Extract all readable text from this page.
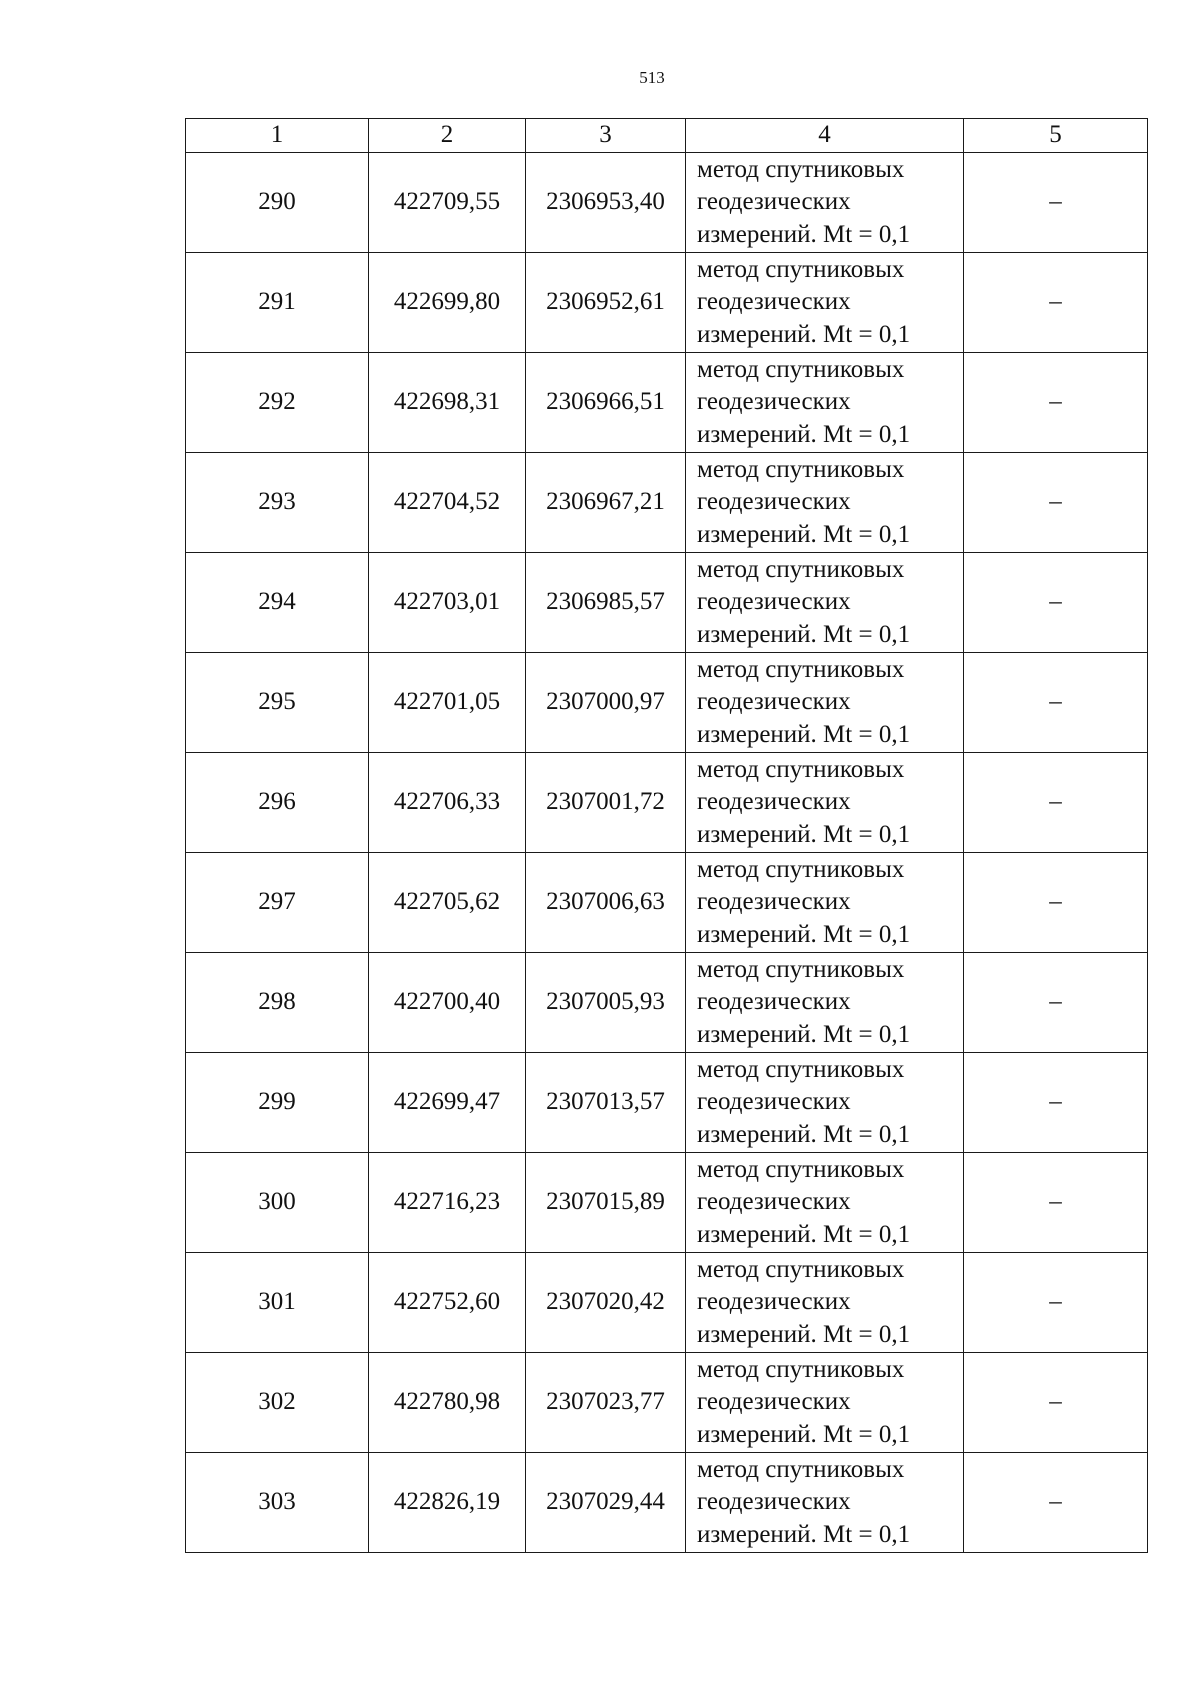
513
1	2	3	4	5
290	422709,55	2306953,40	метод спутниковых
геодезических
измерений. Mt = 0,1	–
291	422699,80	2306952,61	метод спутниковых
геодезических
измерений. Mt = 0,1	–
292	422698,31	2306966,51	метод спутниковых
геодезических
измерений. Mt = 0,1	–
293	422704,52	2306967,21	метод спутниковых
геодезических
измерений. Mt = 0,1	–
294	422703,01	2306985,57	метод спутниковых
геодезических
измерений. Mt = 0,1	–
295	422701,05	2307000,97	метод спутниковых
геодезических
измерений. Mt = 0,1	–
296	422706,33	2307001,72	метод спутниковых
геодезических
измерений. Mt = 0,1	–
297	422705,62	2307006,63	метод спутниковых
геодезических
измерений. Mt = 0,1	–
298	422700,40	2307005,93	метод спутниковых
геодезических
измерений. Mt = 0,1	–
299	422699,47	2307013,57	метод спутниковых
геодезических
измерений. Mt = 0,1	–
300	422716,23	2307015,89	метод спутниковых
геодезических
измерений. Mt = 0,1	–
301	422752,60	2307020,42	метод спутниковых
геодезических
измерений. Mt = 0,1	–
302	422780,98	2307023,77	метод спутниковых
геодезических
измерений. Mt = 0,1	–
303	422826,19	2307029,44	метод спутниковых
геодезических
измерений. Mt = 0,1	–
